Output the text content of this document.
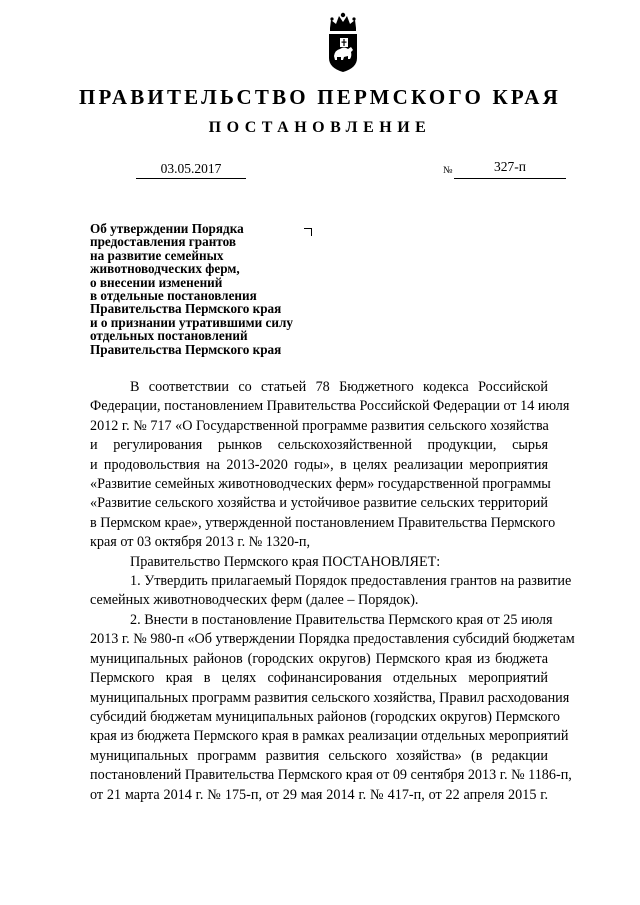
ПРАВИТЕЛЬСТВО ПЕРМСКОГО КРАЯ
ПОСТАНОВЛЕНИЕ
03.05.2017	№	327-п
Об утверждении Порядка
предоставления грантов
на развитие семейных
животноводческих ферм,
о внесении изменений
в отдельные постановления
Правительства Пермского края
и о признании утратившими силу
отдельных постановлений
Правительства Пермского края
В соответствии со статьей 78 Бюджетного кодекса Российской
Федерации, постановлением Правительства Российской Федерации от 14 июля
2012 г. № 717 «О Государственной программе развития сельского хозяйства
и регулирования рынков сельскохозяйственной продукции, сырья
и продовольствия на 2013-2020 годы», в целях реализации мероприятия
«Развитие семейных животноводческих ферм» государственной программы
«Развитие сельского хозяйства и устойчивое развитие сельских территорий
в Пермском крае», утвержденной постановлением Правительства Пермского
края от 03 октября 2013 г. № 1320-п,
Правительство Пермского края ПОСТАНОВЛЯЕТ:
1. Утвердить прилагаемый Порядок предоставления грантов на развитие
семейных животноводческих ферм (далее – Порядок).
2. Внести в постановление Правительства Пермского края от 25 июля
2013 г. № 980-п «Об утверждении Порядка предоставления субсидий бюджетам
муниципальных районов (городских округов) Пермского края из бюджета
Пермского края в целях софинансирования отдельных мероприятий
муниципальных программ развития сельского хозяйства, Правил расходования
субсидий бюджетам муниципальных районов (городских округов) Пермского
края из бюджета Пермского края в рамках реализации отдельных мероприятий
муниципальных программ развития сельского хозяйства» (в редакции
постановлений Правительства Пермского края от 09 сентября 2013 г. № 1186-п,
от 21 марта 2014 г. № 175-п, от 29 мая 2014 г. № 417-п, от 22 апреля 2015 г.
